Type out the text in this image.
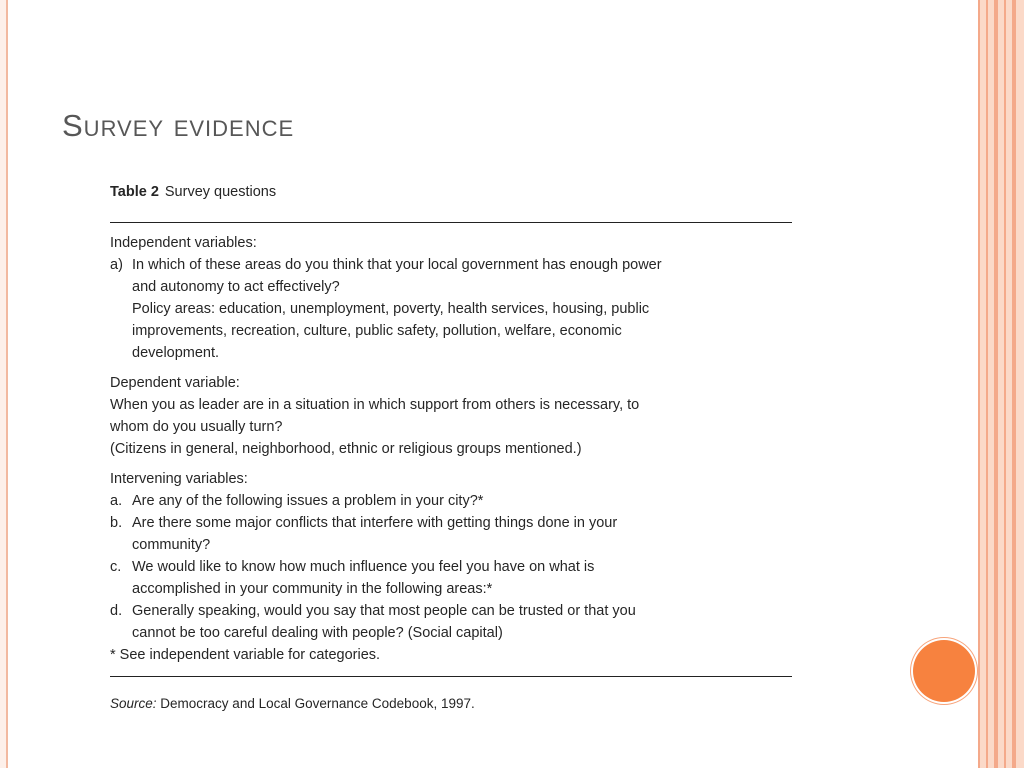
Survey evidence
Table 2 Survey questions
Independent variables:
a) In which of these areas do you think that your local government has enough power
and autonomy to act effectively?
Policy areas: education, unemployment, poverty, health services, housing, public
improvements, recreation, culture, public safety, pollution, welfare, economic
development.
Dependent variable:
When you as leader are in a situation in which support from others is necessary, to
whom do you usually turn?
(Citizens in general, neighborhood, ethnic or religious groups mentioned.)
Intervening variables:
a. Are any of the following issues a problem in your city?*
b. Are there some major conflicts that interfere with getting things done in your
community?
c. We would like to know how much influence you feel you have on what is
accomplished in your community in the following areas:*
d. Generally speaking, would you say that most people can be trusted or that you
cannot be too careful dealing with people? (Social capital)
* See independent variable for categories.
Source: Democracy and Local Governance Codebook, 1997.
